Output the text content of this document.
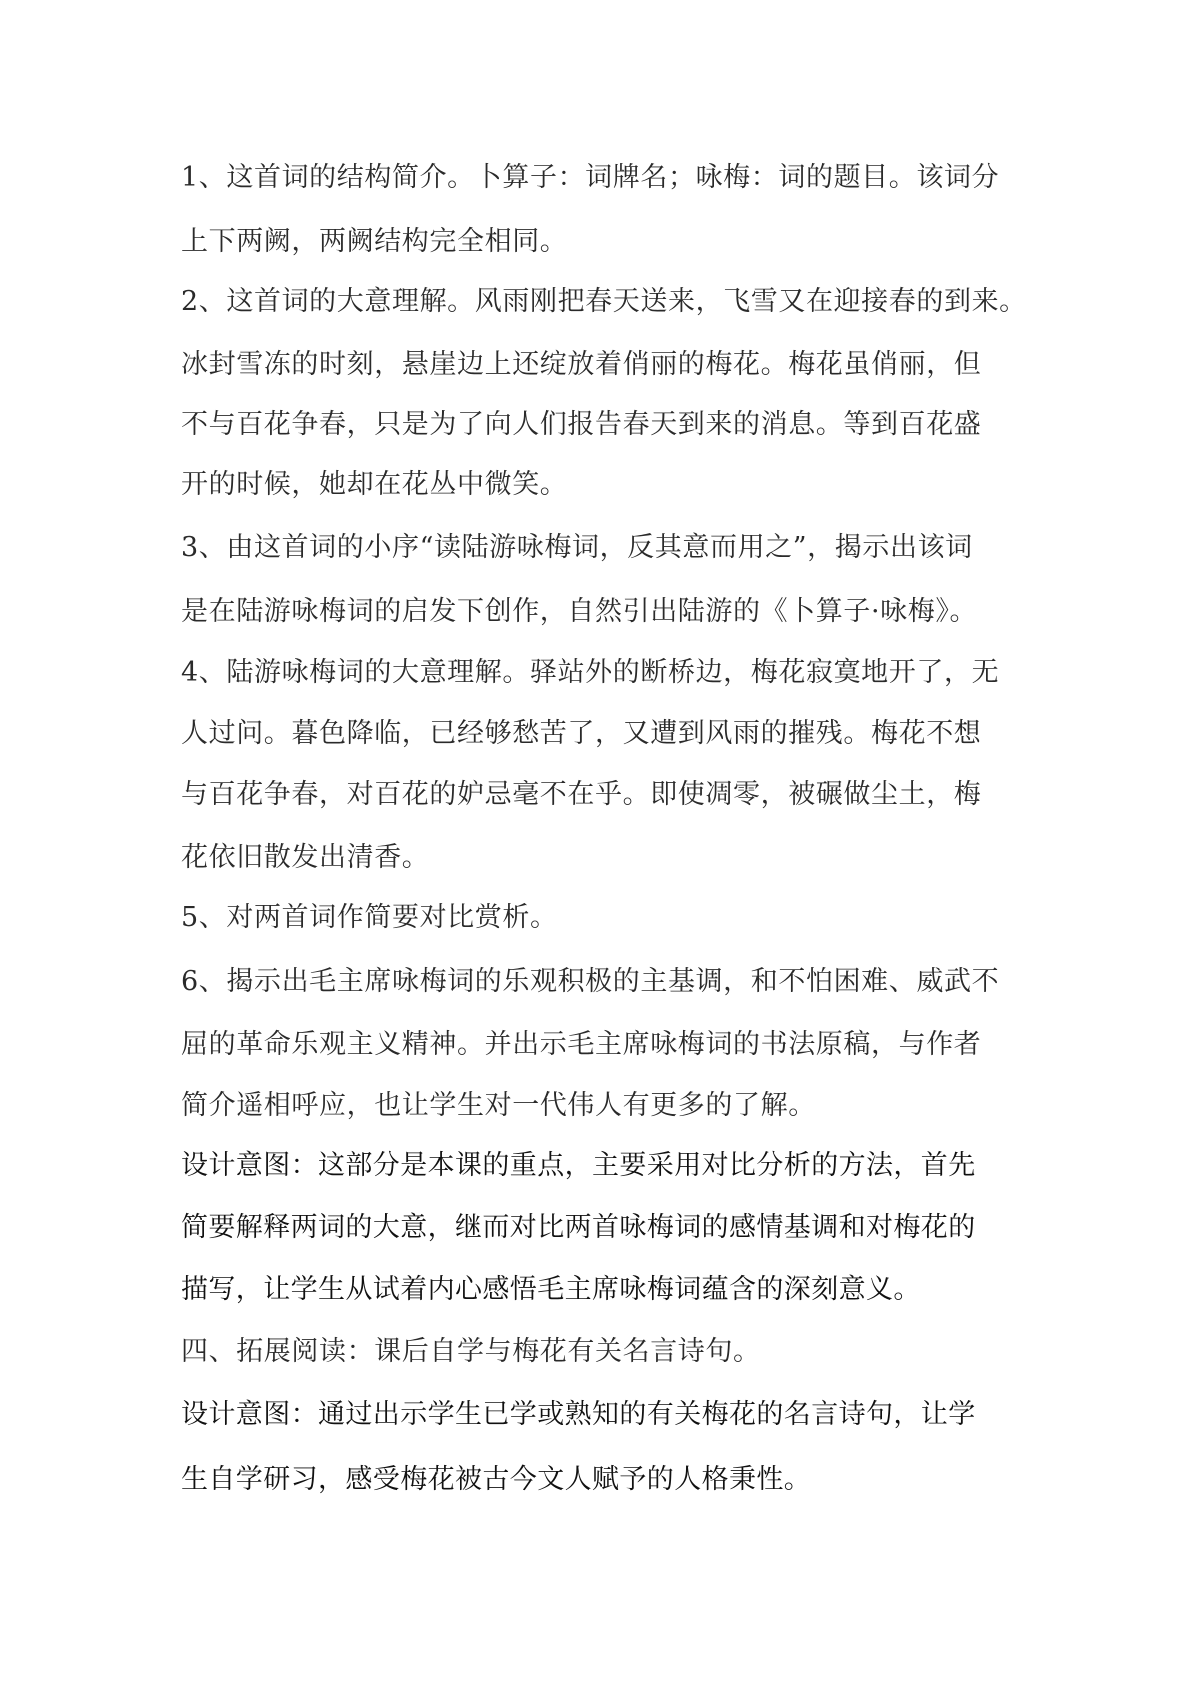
1、这首词的结构简介。卜算子：词牌名；咏梅：词的题目。该词分
上下两阙，两阙结构完全相同。
2、这首词的大意理解。风雨刚把春天送来，飞雪又在迎接春的到来。
冰封雪冻的时刻，悬崖边上还绽放着俏丽的梅花。梅花虽俏丽，但
不与百花争春，只是为了向人们报告春天到来的消息。等到百花盛
开的时候，她却在花丛中微笑。
3、由这首词的小序“读陆游咏梅词，反其意而用之”，揭示出该词
是在陆游咏梅词的启发下创作，自然引出陆游的《卜算子·咏梅》。
4、陆游咏梅词的大意理解。驿站外的断桥边，梅花寂寞地开了，无
人过问。暮色降临，已经够愁苦了，又遭到风雨的摧残。梅花不想
与百花争春，对百花的妒忌毫不在乎。即使凋零，被碾做尘土，梅
花依旧散发出清香。
5、对两首词作简要对比赏析。
6、揭示出毛主席咏梅词的乐观积极的主基调，和不怕困难、威武不
屈的革命乐观主义精神。并出示毛主席咏梅词的书法原稿，与作者
简介遥相呼应，也让学生对一代伟人有更多的了解。
设计意图：这部分是本课的重点，主要采用对比分析的方法，首先
简要解释两词的大意，继而对比两首咏梅词的感情基调和对梅花的
描写，让学生从试着内心感悟毛主席咏梅词蕴含的深刻意义。
四、拓展阅读：课后自学与梅花有关名言诗句。
设计意图：通过出示学生已学或熟知的有关梅花的名言诗句，让学
生自学研习，感受梅花被古今文人赋予的人格秉性。
